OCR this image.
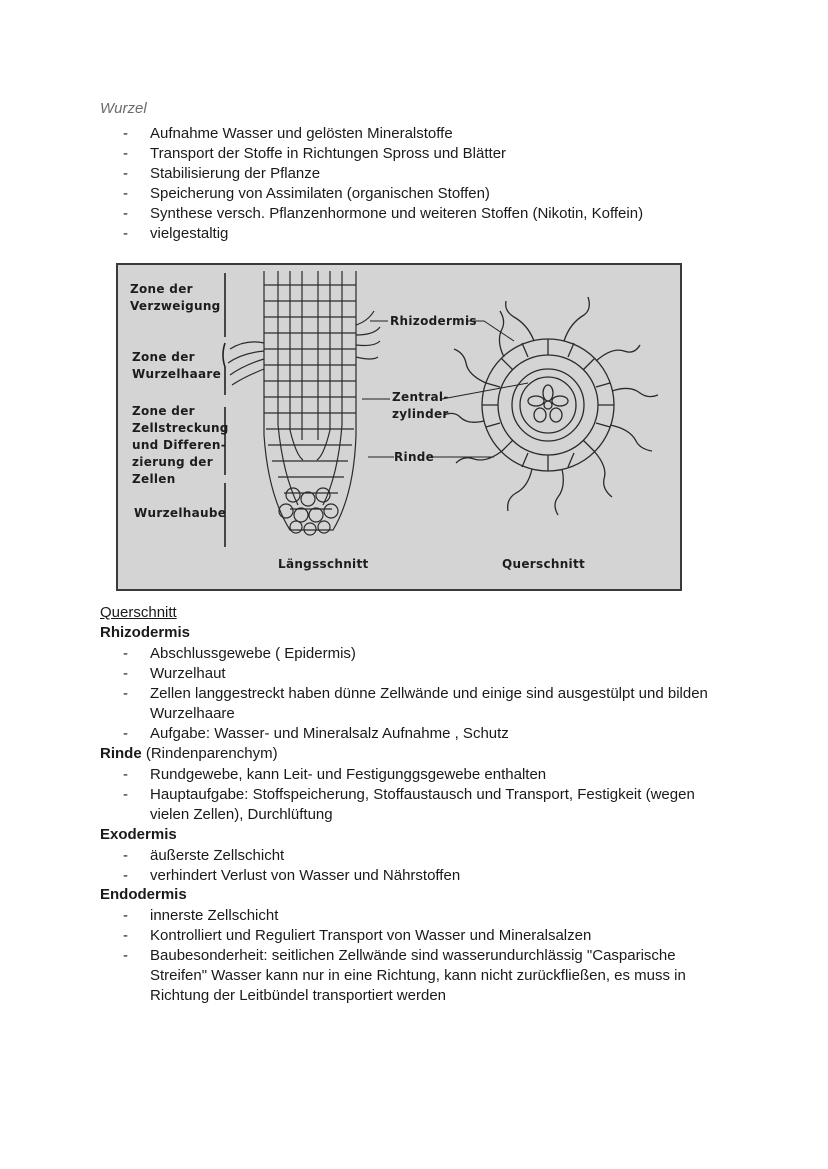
Wurzel
- Aufnahme Wasser und gelösten Mineralstoffe
- Transport der Stoffe in Richtungen Spross und Blätter
- Stabilisierung der Pflanze
- Speicherung von Assimilaten (organischen Stoffen)
- Synthese versch. Pflanzenhormone und weiteren Stoffen (Nikotin, Koffein)
- vielgestaltig
Zone der
Verzweigung
Zone der
Wurzelhaare
Zone der
Zellstreckung
und Differen-
zierung der
Zellen
Wurzelhaube
Rhizodermis
Zentral-
zylinder
Rinde
Längsschnitt	Querschnitt
Querschnitt
Rhizodermis
- Abschlussgewebe ( Epidermis)
- Wurzelhaut
- Zellen langgestreckt haben dünne Zellwände und einige sind ausgestülpt und bilden Wurzelhaare
- Aufgabe: Wasser- und Mineralsalz Aufnahme , Schutz
Rinde (Rindenparenchym)
- Rundgewebe, kann Leit- und Festigunggsgewebe enthalten
- Hauptaufgabe: Stoffspeicherung, Stoffaustausch und Transport, Festigkeit (wegen vielen Zellen), Durchlüftung
Exodermis
- äußerste Zellschicht
- verhindert Verlust von Wasser und Nährstoffen
Endodermis
- innerste Zellschicht
- Kontrolliert und Reguliert Transport von Wasser und Mineralsalzen
- Baubesonderheit: seitlichen Zellwände sind wasserundurchlässig "Casparische Streifen" Wasser kann nur in eine Richtung, kann nicht zurückfließen, es muss in Richtung der Leitbündel transportiert werden
